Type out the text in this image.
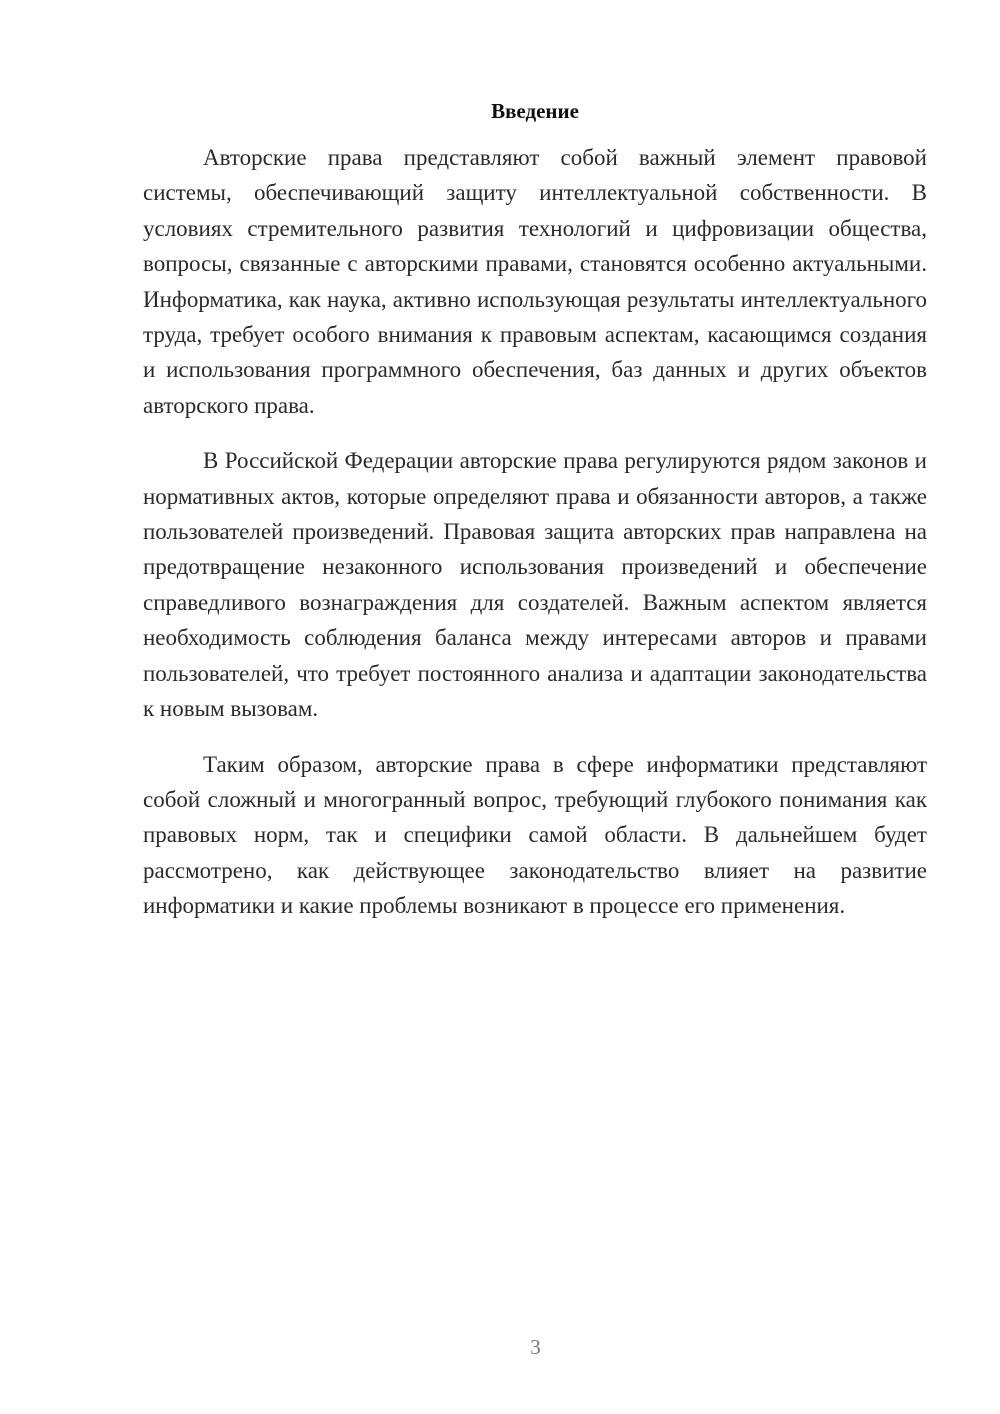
Введение

Авторские права представляют собой важный элемент правовой системы, обеспечивающий защиту интеллектуальной собственности. В условиях стремительного развития технологий и цифровизации общества, вопросы, связанные с авторскими правами, становятся особенно актуальными. Информатика, как наука, активно использующая результаты интеллектуального труда, требует особого внимания к правовым аспектам, касающимся создания и использования программного обеспечения, баз данных и других объектов авторского права.

В Российской Федерации авторские права регулируются рядом законов и нормативных актов, которые определяют права и обязанности авторов, а также пользователей произведений. Правовая защита авторских прав направлена на предотвращение незаконного использования произведений и обеспечение справедливого вознаграждения для создателей. Важным аспектом является необходимость соблюдения баланса между интересами авторов и правами пользователей, что требует постоянного анализа и адаптации законодательства к новым вызовам.

Таким образом, авторские права в сфере информатики представляют собой сложный и многогранный вопрос, требующий глубокого понимания как правовых норм, так и специфики самой области. В дальнейшем будет рассмотрено, как действующее законодательство влияет на развитие информатики и какие проблемы возникают в процессе его применения.

3
